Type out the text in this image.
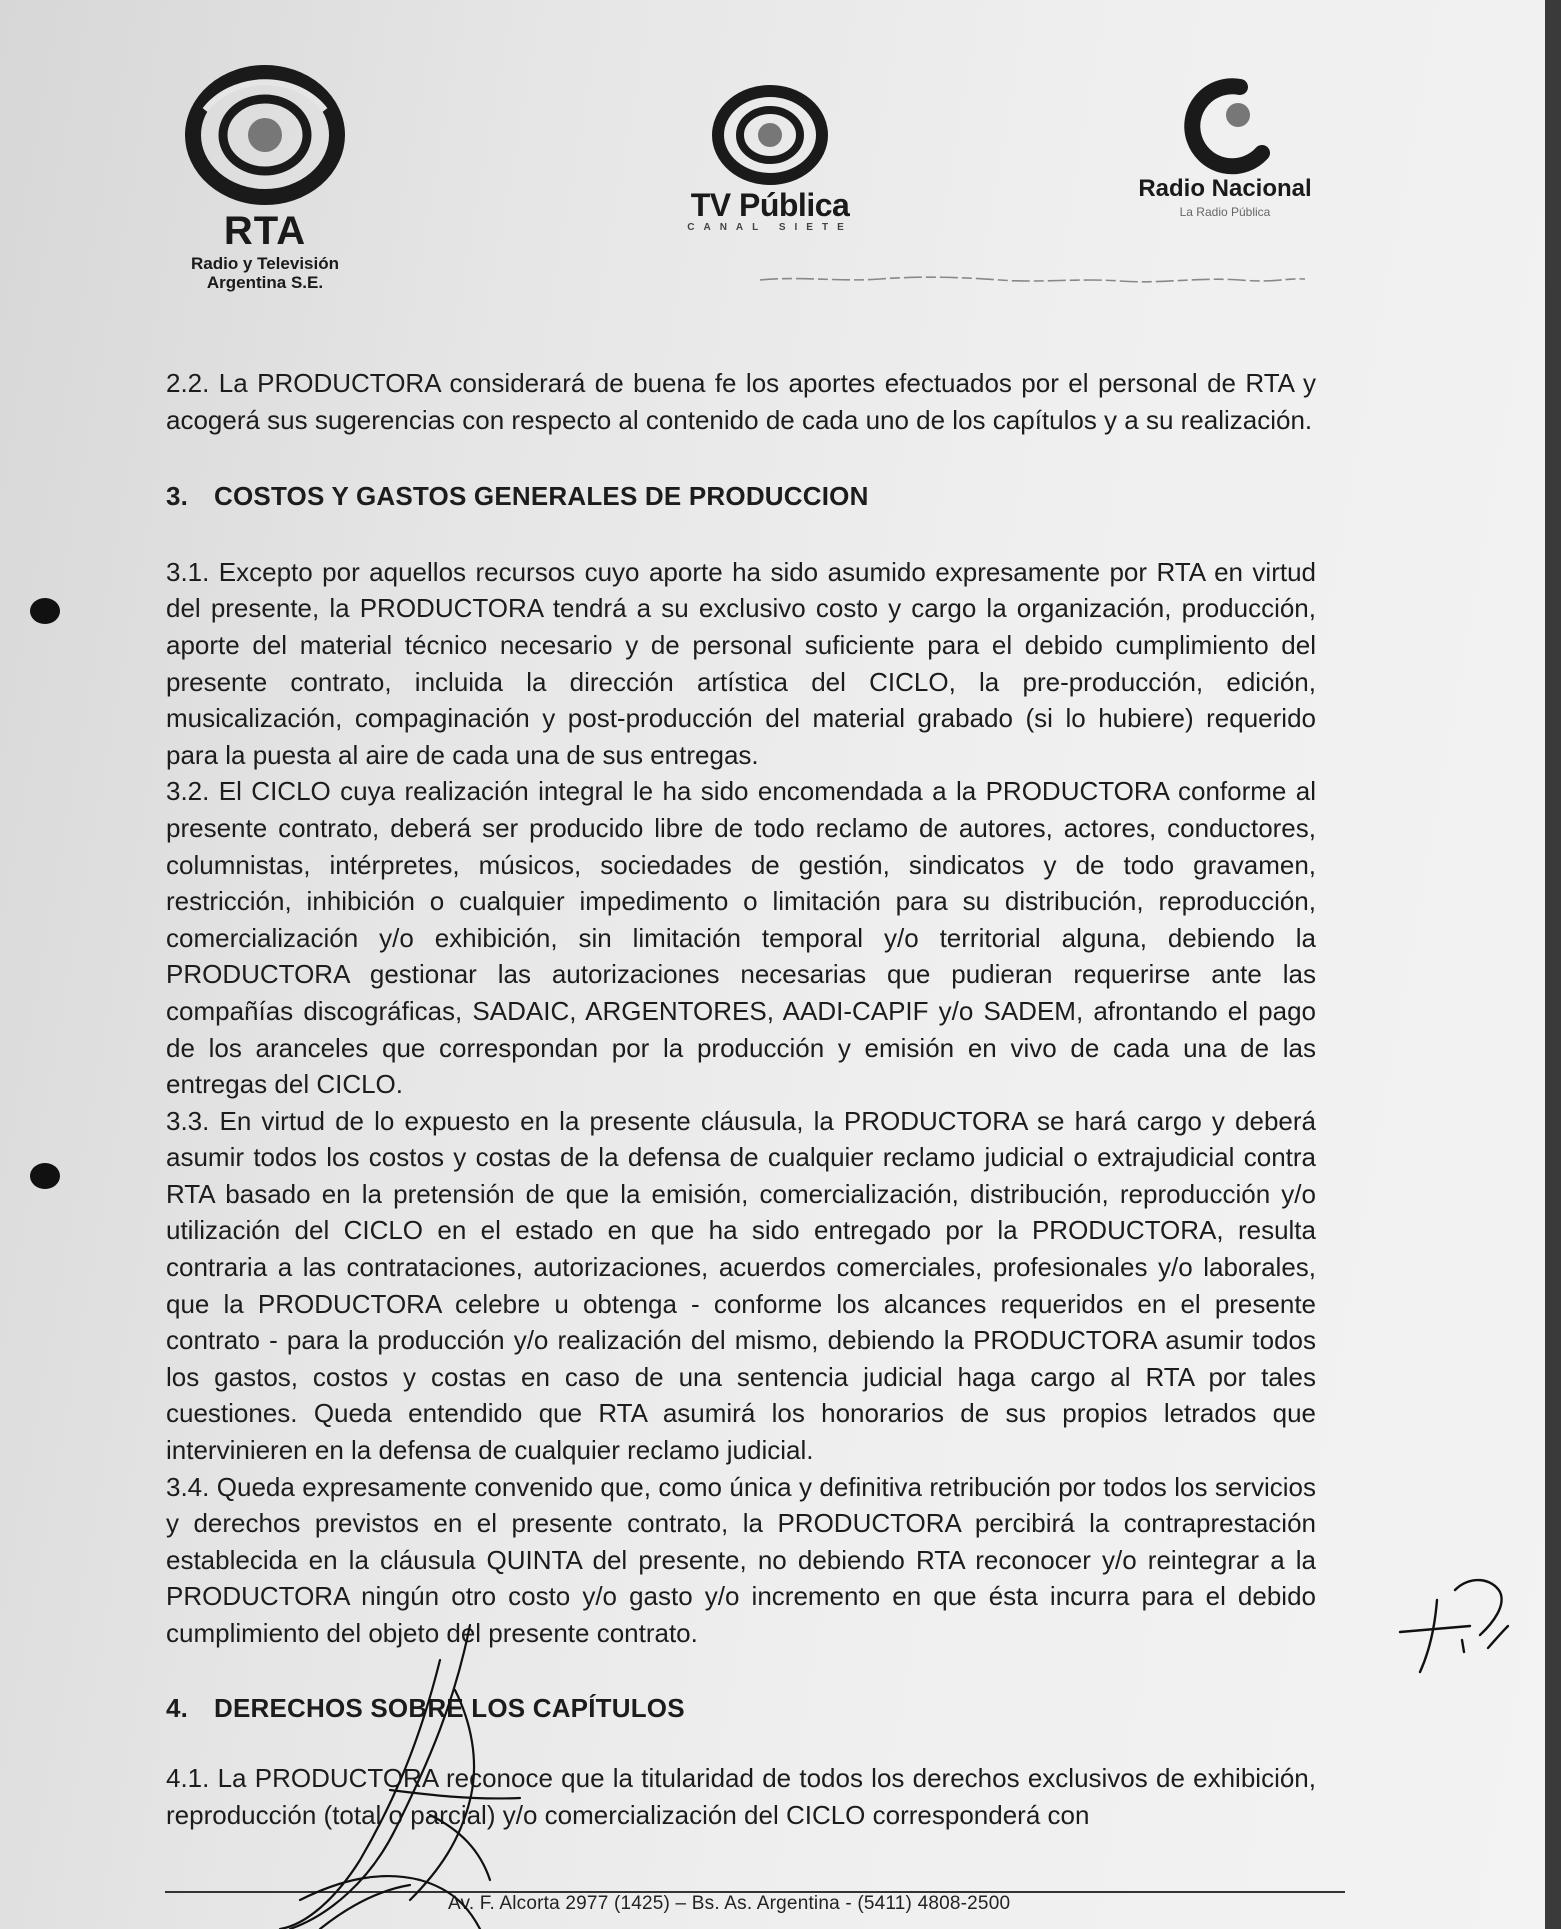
RTA
Radio y Televisión
Argentina S.E.
TV Pública
CANAL SIETE
Radio Nacional
La Radio Pública

2.2. La PRODUCTORA considerará de buena fe los aportes efectuados por el personal de RTA y acogerá sus sugerencias con respecto al contenido de cada uno de los capítulos y a su realización.

3. COSTOS Y GASTOS GENERALES DE PRODUCCION

3.1. Excepto por aquellos recursos cuyo aporte ha sido asumido expresamente por RTA en virtud del presente, la PRODUCTORA tendrá a su exclusivo costo y cargo la organización, producción, aporte del material técnico necesario y de personal suficiente para el debido cumplimiento del presente contrato, incluida la dirección artística del CICLO, la pre-producción, edición, musicalización, compaginación y post-producción del material grabado (si lo hubiere) requerido para la puesta al aire de cada una de sus entregas.

3.2. El CICLO cuya realización integral le ha sido encomendada a la PRODUCTORA conforme al presente contrato, deberá ser producido libre de todo reclamo de autores, actores, conductores, columnistas, intérpretes, músicos, sociedades de gestión, sindicatos y de todo gravamen, restricción, inhibición o cualquier impedimento o limitación para su distribución, reproducción, comercialización y/o exhibición, sin limitación temporal y/o territorial alguna, debiendo la PRODUCTORA gestionar las autorizaciones necesarias que pudieran requerirse ante las compañías discográficas, SADAIC, ARGENTORES, AADI-CAPIF y/o SADEM, afrontando el pago de los aranceles que correspondan por la producción y emisión en vivo de cada una de las entregas del CICLO.

3.3. En virtud de lo expuesto en la presente cláusula, la PRODUCTORA se hará cargo y deberá asumir todos los costos y costas de la defensa de cualquier reclamo judicial o extrajudicial contra RTA basado en la pretensión de que la emisión, comercialización, distribución, reproducción y/o utilización del CICLO en el estado en que ha sido entregado por la PRODUCTORA, resulta contraria a las contrataciones, autorizaciones, acuerdos comerciales, profesionales y/o laborales, que la PRODUCTORA celebre u obtenga - conforme los alcances requeridos en el presente contrato - para la producción y/o realización del mismo, debiendo la PRODUCTORA asumir todos los gastos, costos y costas en caso de una sentencia judicial haga cargo al RTA por tales cuestiones. Queda entendido que RTA asumirá los honorarios de sus propios letrados que intervinieren en la defensa de cualquier reclamo judicial.

3.4. Queda expresamente convenido que, como única y definitiva retribución por todos los servicios y derechos previstos en el presente contrato, la PRODUCTORA percibirá la contraprestación establecida en la cláusula QUINTA del presente, no debiendo RTA reconocer y/o reintegrar a la PRODUCTORA ningún otro costo y/o gasto y/o incremento en que ésta incurra para el debido cumplimiento del objeto del presente contrato.

4. DERECHOS SOBRE LOS CAPÍTULOS

4.1. La PRODUCTORA reconoce que la titularidad de todos los derechos exclusivos de exhibición, reproducción (total o parcial) y/o comercialización del CICLO corresponderá con

Av. F. Alcorta 2977 (1425) – Bs. As. Argentina - (5411) 4808-2500
